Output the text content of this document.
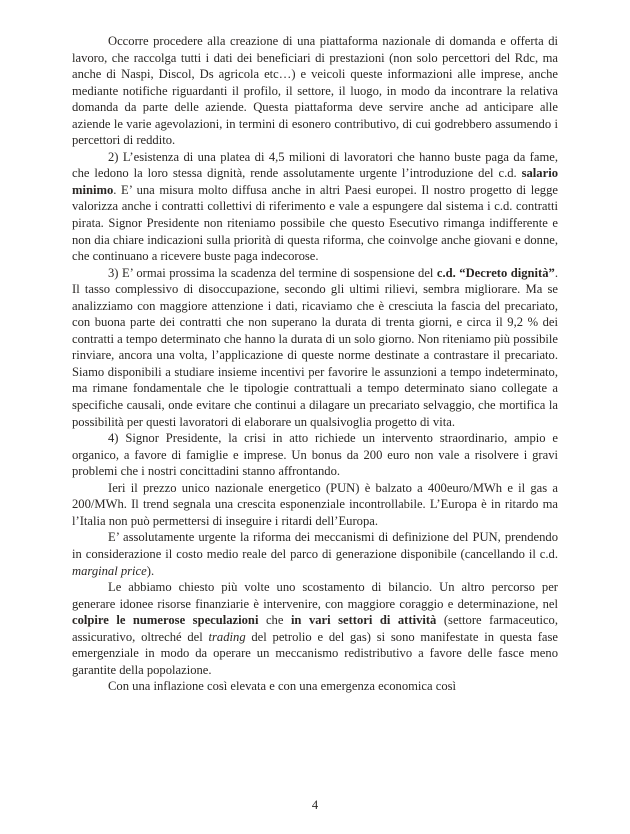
Occorre procedere alla creazione di una piattaforma nazionale di domanda e offerta di lavoro, che raccolga tutti i dati dei beneficiari di prestazioni (non solo percettori del Rdc, ma anche di Naspi, Discol, Ds agricola etc…) e veicoli queste informazioni alle imprese, anche mediante notifiche riguardanti il profilo, il settore, il luogo, in modo da incontrare la relativa domanda da parte delle aziende. Questa piattaforma deve servire anche ad anticipare alle aziende le varie agevolazioni, in termini di esonero contributivo, di cui godrebbero assumendo i percettori di reddito.

2) L’esistenza di una platea di 4,5 milioni di lavoratori che hanno buste paga da fame, che ledono la loro stessa dignità, rende assolutamente urgente l’introduzione del c.d. salario minimo. E’ una misura molto diffusa anche in altri Paesi europei. Il nostro progetto di legge valorizza anche i contratti collettivi di riferimento e vale a espungere dal sistema i c.d. contratti pirata. Signor Presidente non riteniamo possibile che questo Esecutivo rimanga indifferente e non dia chiare indicazioni sulla priorità di questa riforma, che coinvolge anche giovani e donne, che continuano a ricevere buste paga indecorose.

3) E’ ormai prossima la scadenza del termine di sospensione del c.d. “Decreto dignità”. Il tasso complessivo di disoccupazione, secondo gli ultimi rilievi, sembra migliorare. Ma se analizziamo con maggiore attenzione i dati, ricaviamo che è cresciuta la fascia del precariato, con buona parte dei contratti che non superano la durata di trenta giorni, e circa il 9,2 % dei contratti a tempo determinato che hanno la durata di un solo giorno. Non riteniamo più possibile rinviare, ancora una volta, l’applicazione di queste norme destinate a contrastare il precariato. Siamo disponibili a studiare insieme incentivi per favorire le assunzioni a tempo indeterminato, ma rimane fondamentale che le tipologie contrattuali a tempo determinato siano collegate a specifiche causali, onde evitare che continui a dilagare un precariato selvaggio, che mortifica la possibilità per questi lavoratori di elaborare un qualsivoglia progetto di vita.

4) Signor Presidente, la crisi in atto richiede un intervento straordinario, ampio e organico, a favore di famiglie e imprese. Un bonus da 200 euro non vale a risolvere i gravi problemi che i nostri concittadini stanno affrontando.

Ieri il prezzo unico nazionale energetico (PUN) è balzato a 400euro/MWh e il gas a 200/MWh. Il trend segnala una crescita esponenziale incontrollabile. L’Europa è in ritardo ma l’Italia non può permettersi di inseguire i ritardi dell’Europa.

E’ assolutamente urgente la riforma dei meccanismi di definizione del PUN, prendendo in considerazione il costo medio reale del parco di generazione disponibile (cancellando il c.d. marginal price).

Le abbiamo chiesto più volte uno scostamento di bilancio. Un altro percorso per generare idonee risorse finanziarie è intervenire, con maggiore coraggio e determinazione, nel colpire le numerose speculazioni che in vari settori di attività (settore farmaceutico, assicurativo, oltreché del trading del petrolio e del gas) si sono manifestate in questa fase emergenziale in modo da operare un meccanismo redistributivo a favore delle fasce meno garantite della popolazione.

Con una inflazione così elevata e con una emergenza economica così

4
